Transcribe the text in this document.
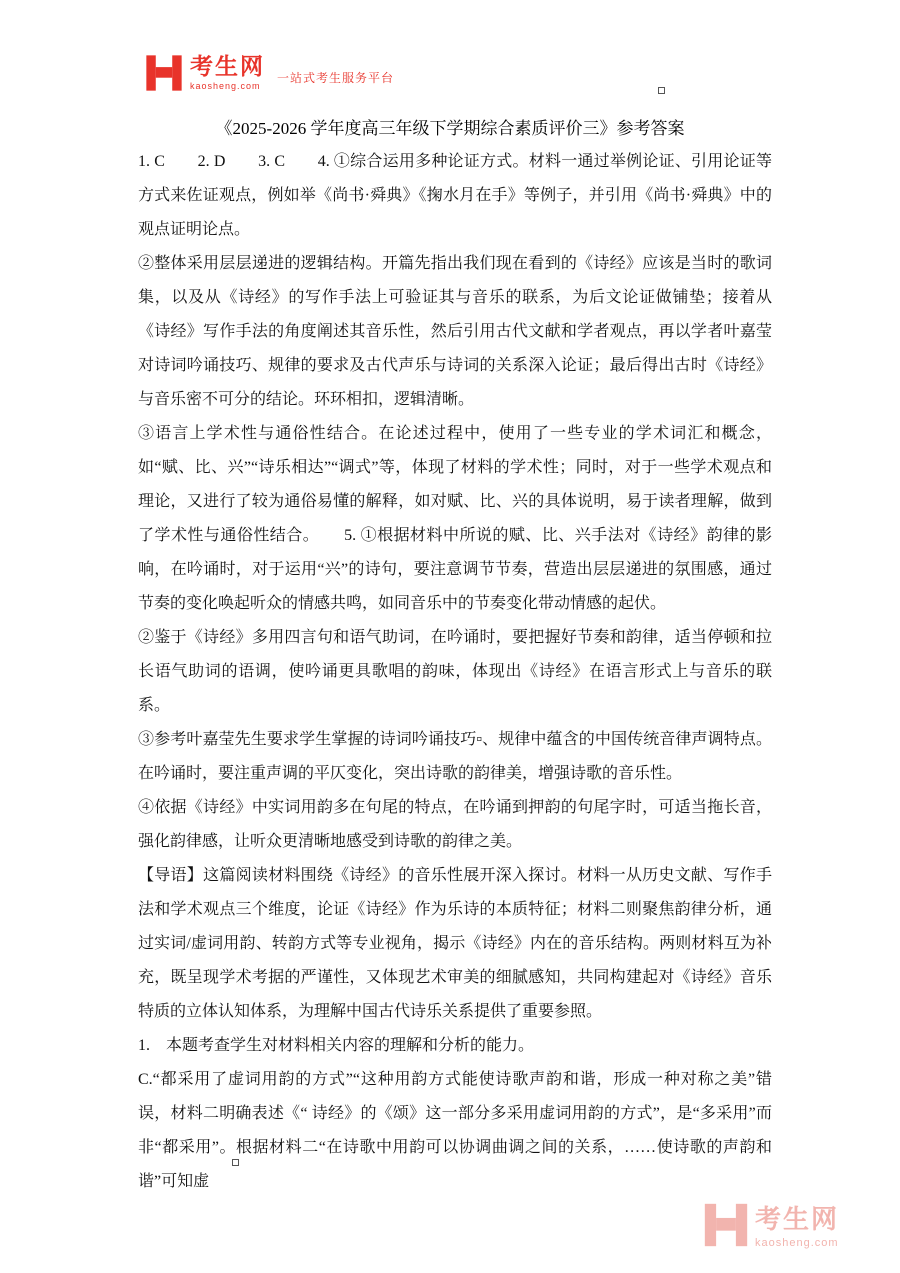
考生网
kaosheng.com
一站式考生服务平台
《2025-2026 学年度高三年级下学期综合素质评价三》参考答案

1. C　　2. D　　3. C　　4. ①综合运用多种论证方式。材料一通过举例论证、引用论证等方式来佐证观点，例如举《尚书·舜典》《掬水月在手》等例子，并引用《尚书·舜典》中的观点证明论点。

②整体采用层层递进的逻辑结构。开篇先指出我们现在看到的《诗经》应该是当时的歌词集，以及从《诗经》的写作手法上可验证其与音乐的联系，为后文论证做铺垫；接着从《诗经》写作手法的角度阐述其音乐性，然后引用古代文献和学者观点，再以学者叶嘉莹对诗词吟诵技巧、规律的要求及古代声乐与诗词的关系深入论证；最后得出古时《诗经》与音乐密不可分的结论。环环相扣，逻辑清晰。

③语言上学术性与通俗性结合。在论述过程中，使用了一些专业的学术词汇和概念，如“赋、比、兴”“诗乐相达”“调式”等，体现了材料的学术性；同时，对于一些学术观点和理论，又进行了较为通俗易懂的解释，如对赋、比、兴的具体说明，易于读者理解，做到了学术性与通俗性结合。　　5. ①根据材料中所说的赋、比、兴手法对《诗经》韵律的影响，在吟诵时，对于运用“兴”的诗句，要注意调节节奏，营造出层层递进的氛围感，通过节奏的变化唤起听众的情感共鸣，如同音乐中的节奏变化带动情感的起伏。

②鉴于《诗经》多用四言句和语气助词，在吟诵时，要把握好节奏和韵律，适当停顿和拉长语气助词的语调，使吟诵更具歌唱的韵味，体现出《诗经》在语言形式上与音乐的联系。

③参考叶嘉莹先生要求学生掌握的诗词吟诵技巧▫、规律中蕴含的中国传统音律声调特点。在吟诵时，要注重声调的平仄变化，突出诗歌的韵律美，增强诗歌的音乐性。

④依据《诗经》中实词用韵多在句尾的特点，在吟诵到押韵的句尾字时，可适当拖长音，强化韵律感，让听众更清晰地感受到诗歌的韵律之美。

【导语】这篇阅读材料围绕《诗经》的音乐性展开深入探讨。材料一从历史文献、写作手法和学术观点三个维度，论证《诗经》作为乐诗的本质特征；材料二则聚焦韵律分析，通过实词/虚词用韵、转韵方式等专业视角，揭示《诗经》内在的音乐结构。两则材料互为补充，既呈现学术考据的严谨性，又体现艺术审美的细腻感知，共同构建起对《诗经》音乐特质的立体认知体系，为理解中国古代诗乐关系提供了重要参照。

1.　本题考查学生对材料相关内容的理解和分析的能力。

C.“都采用了虚词用韵的方式”“这种用韵方式能使诗歌声韵和谐，形成一种对称之美”错误，材料二明确表述《“ 诗经》的《颂》这一部分多采用虚词用韵的方式”，是“多采用”而非“都采用”。根据材料二“在诗歌中用韵可以协调曲调之间的关系，……使诗歌的声韵和谐”可知虚

考生网
kaosheng.com
